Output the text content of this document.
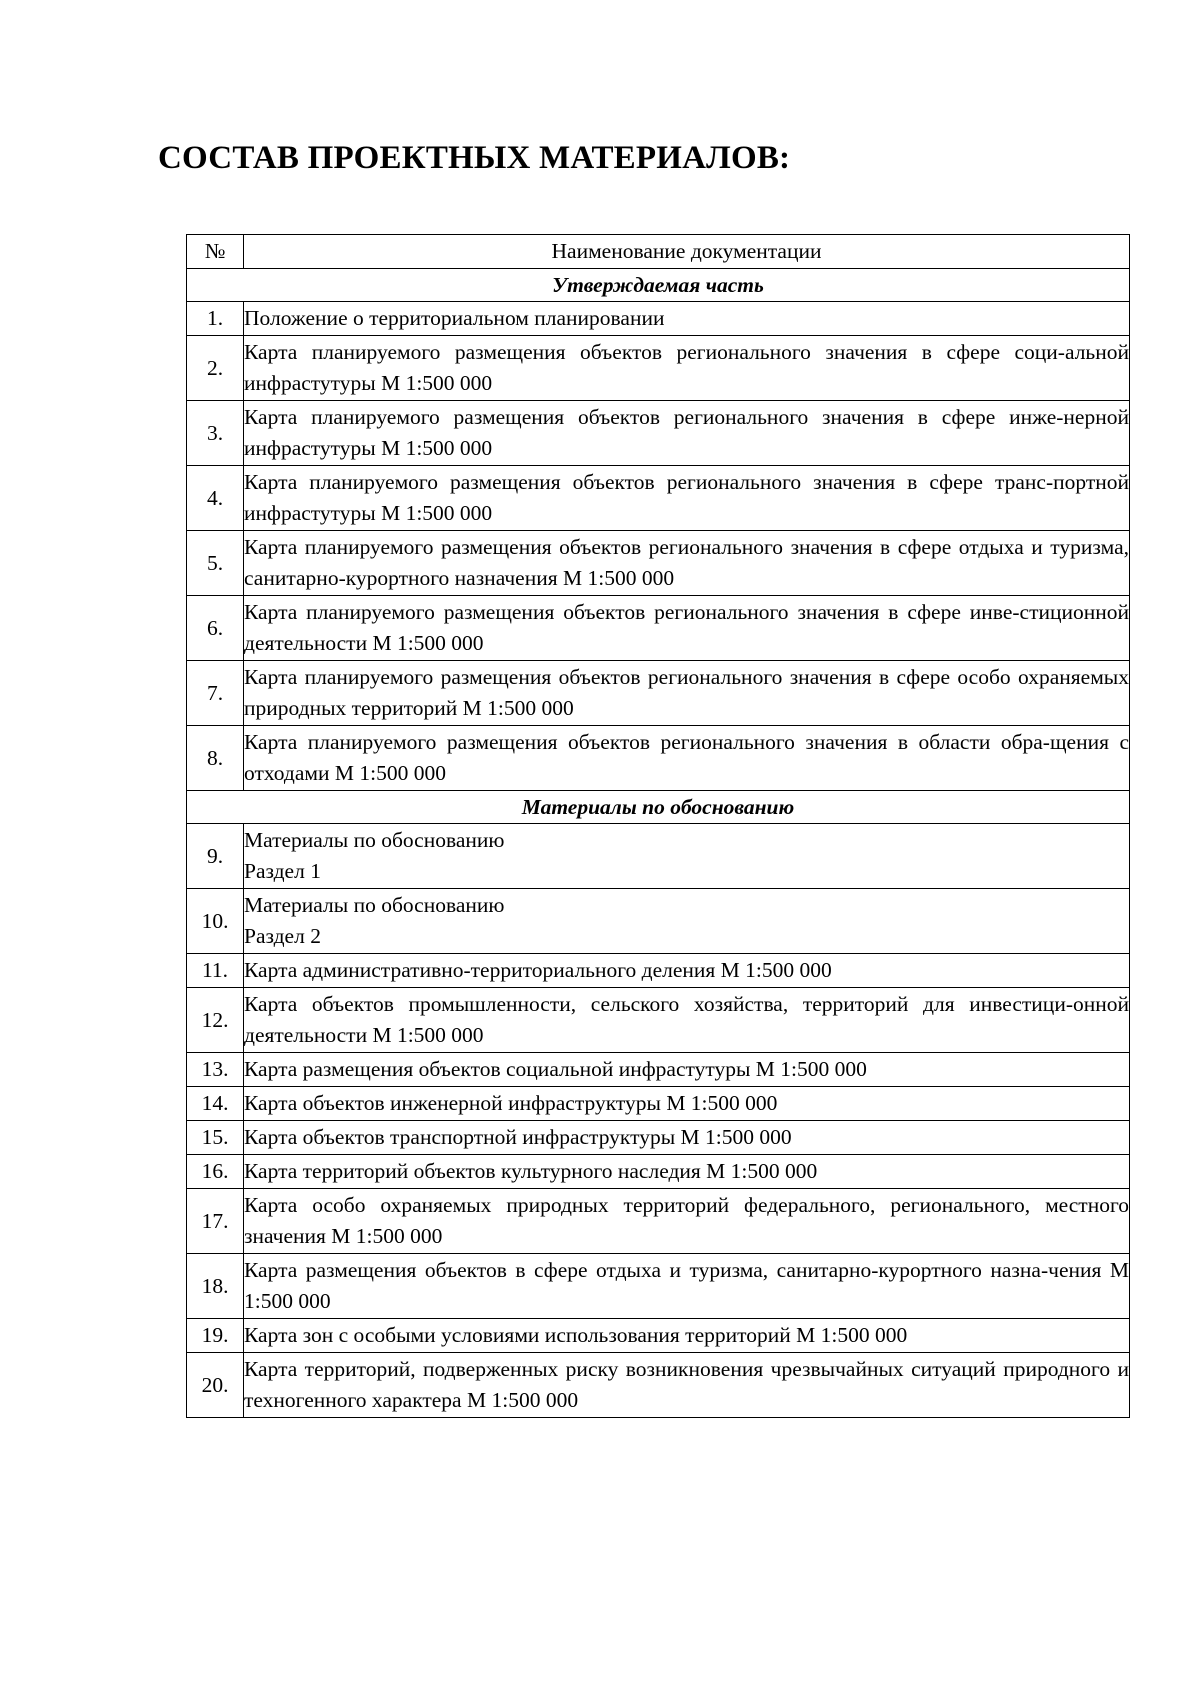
СОСТАВ ПРОЕКТНЫХ МАТЕРИАЛОВ:
№	Наименование документации
Утверждаемая часть	
1.	Положение о территориальном планировании
2.	Карта планируемого размещения объектов регионального значения в сфере соци-альной инфрастутуры М 1:500 000
3.	Карта планируемого размещения объектов регионального значения в сфере инже-нерной инфрастутуры М 1:500 000
4.	Карта планируемого размещения объектов регионального значения в сфере транс-портной инфрастутуры М 1:500 000
5.	Карта планируемого размещения объектов регионального значения в сфере отдыха и туризма, санитарно-курортного назначения М 1:500 000
6.	Карта планируемого размещения объектов регионального значения в сфере инве-стиционной деятельности М 1:500 000
7.	Карта планируемого размещения объектов регионального значения в сфере особо охраняемых природных территорий М 1:500 000
8.	Карта планируемого размещения объектов регионального значения в области обра-щения с отходами М 1:500 000
Материалы по обоснованию	
9.	Материалы по обоснованию
Раздел 1

10.	Материалы по обоснованию
Раздел 2

11.	Карта административно-территориального деления М 1:500 000
12.	Карта объектов промышленности, сельского хозяйства, территорий для инвестици-онной деятельности М 1:500 000
13.	Карта размещения объектов социальной инфрастутуры М 1:500 000
14.	Карта объектов инженерной инфраструктуры М 1:500 000
15.	Карта объектов транспортной инфраструктуры М 1:500 000
16.	Карта территорий объектов культурного наследия М 1:500 000
17.	Карта особо охраняемых природных территорий федерального, регионального, местного значения М 1:500 000
18.	Карта размещения объектов в сфере отдыха и туризма, санитарно-курортного назна-чения М 1:500 000
19.	Карта зон с особыми условиями использования территорий М 1:500 000
20.	Карта территорий, подверженных риску возникновения чрезвычайных ситуаций природного и техногенного характера М 1:500 000
